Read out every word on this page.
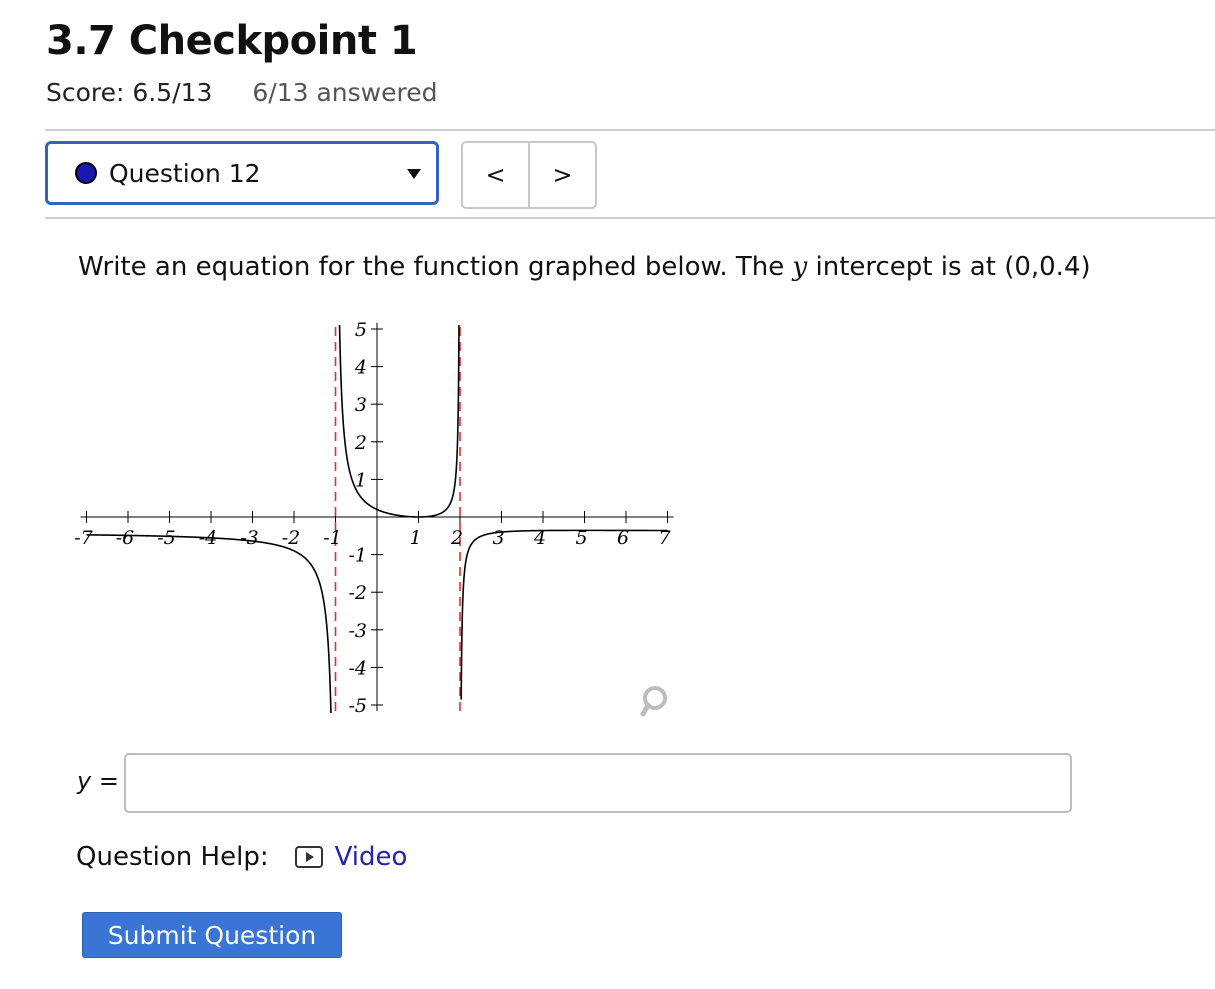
3.7 Checkpoint 1
Score: 6.5/13 6/13 answered
Question 12	<	>
Write an equation for the function graphed below. The y intercept is at (0,0.4)
-7 -6 -5 -4 -3 -2 -1	1 2 3 4 5 6 7
5
4
3
2
1
-1
-2
-3
-4
-5
y =
Question Help:	Video
Submit Question
